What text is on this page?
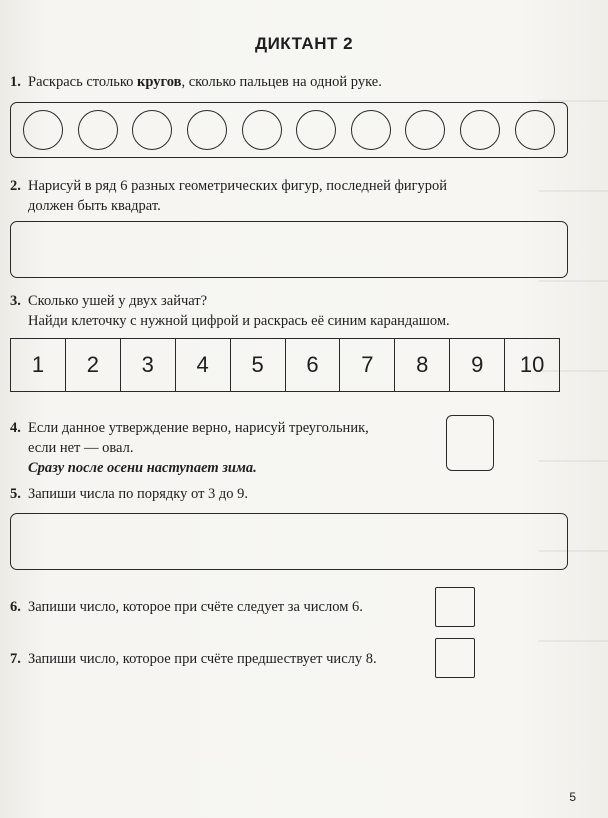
ДИКТАНТ 2
1. Раскрась столько кругов, сколько пальцев на одной руке.
2. Нарисуй в ряд 6 разных геометрических фигур, последней фигурой
должен быть квадрат.
3. Сколько ушей у двух зайчат?
Найди клеточку с нужной цифрой и раскрась её синим карандашом.
1	2	3	4	5	6	7	8	9	10
4. Если данное утверждение верно, нарисуй треугольник,
если нет — овал.
Сразу после осени наступает зима.
5. Запиши числа по порядку от 3 до 9.
6. Запиши число, которое при счёте следует за числом 6.
7. Запиши число, которое при счёте предшествует числу 8.
5
